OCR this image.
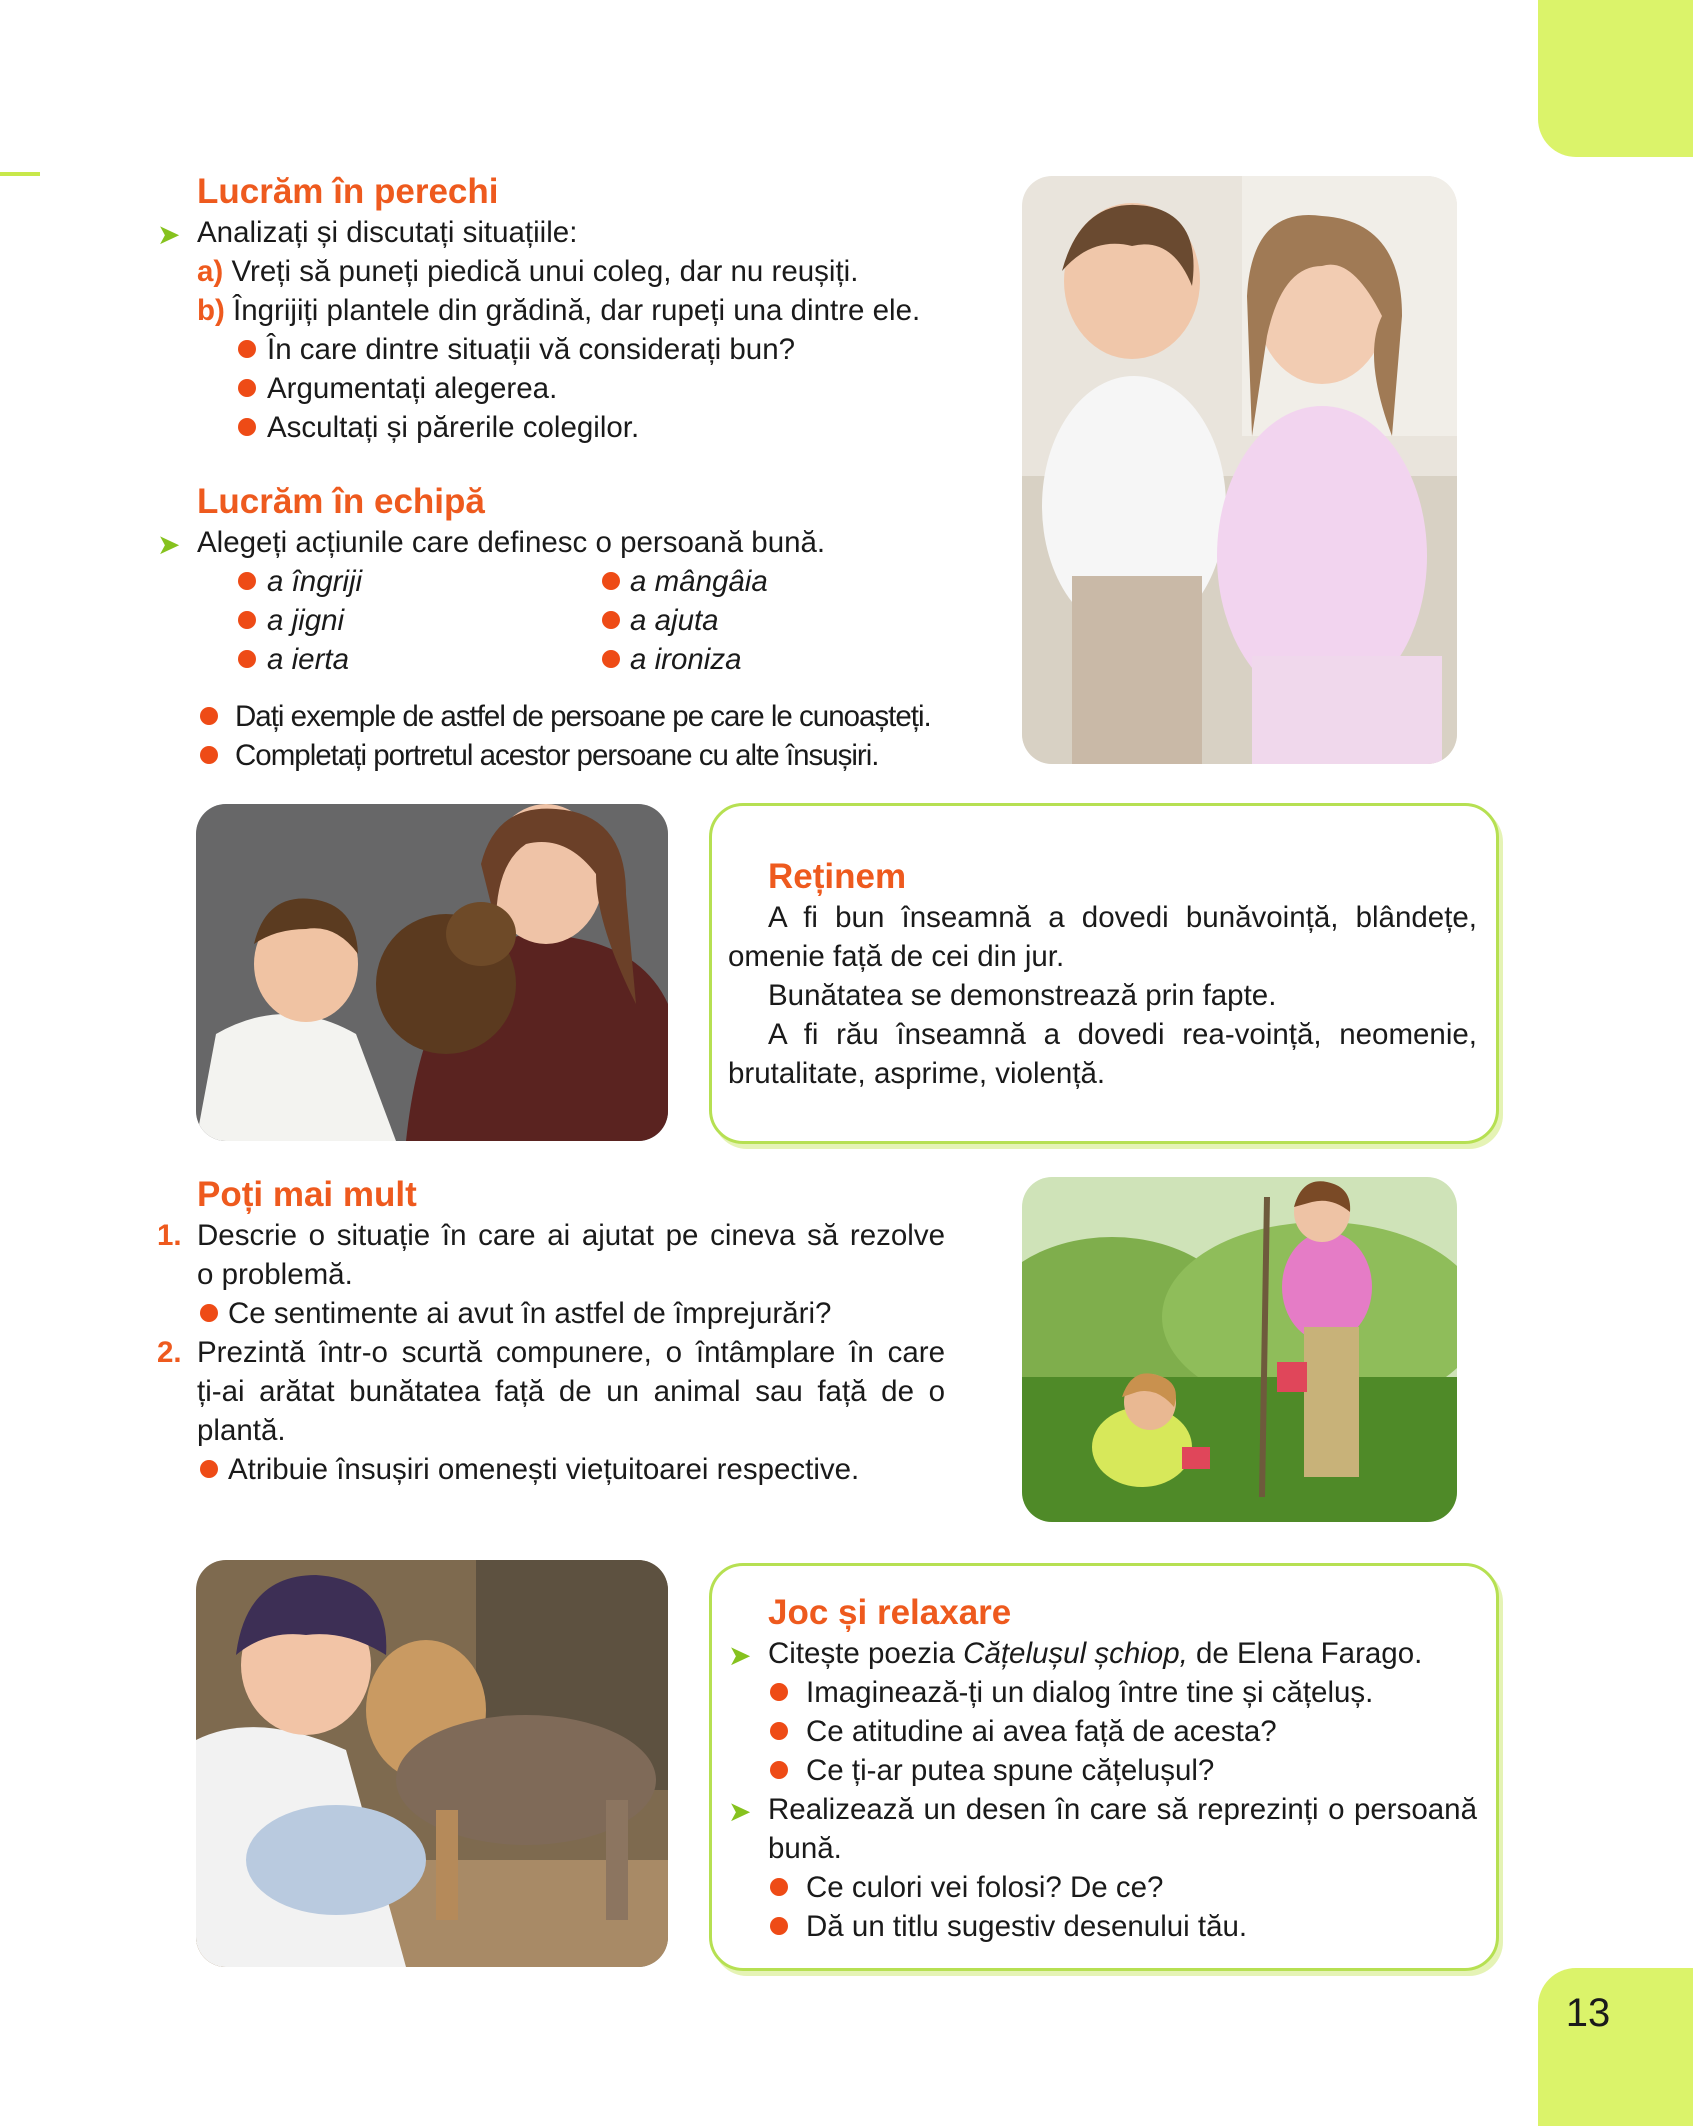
13
Lucrăm în perechi
➤ Analizați și discutați situațiile:
a) Vreți să puneți piedică unui coleg, dar nu reușiți.
b) Îngrijiți plantele din grădină, dar rupeți una dintre ele.
În care dintre situații vă considerați bun?
Argumentați alegerea.
Ascultați și părerile colegilor.
Lucrăm în echipă
➤ Alegeți acțiunile care definesc o persoană bună.
a îngriji
a jigni
a ierta
a mângâia
a ajuta
a ironiza
Dați exemple de astfel de persoane pe care le cunoașteți.
Completați portretul acestor persoane cu alte însușiri.
Reținem
A fi bun înseamnă a dovedi bunăvoință, blândețe,
omenie față de cei din jur.
Bunătatea se demonstrează prin fapte.
A fi rău înseamnă a dovedi rea-voință, neomenie,
brutalitate, asprime, violență.
Poți mai mult
1. Descrie o situație în care ai ajutat pe cineva să rezolve
o problemă.
Ce sentimente ai avut în astfel de împrejurări?
2. Prezintă într-o scurtă compunere, o întâmplare în care
ți-ai arătat bunătatea față de un animal sau față de o
plantă.
Atribuie însușiri omenești viețuitoarei respective.
Joc și relaxare
➤ Citește poezia Cățelușul șchiop, de Elena Farago.
Imaginează-ți un dialog între tine și cățeluș.
Ce atitudine ai avea față de acesta?
Ce ți-ar putea spune cățelușul?
➤ Realizează un desen în care să reprezinți o persoană
bună.
Ce culori vei folosi? De ce?
Dă un titlu sugestiv desenului tău.
